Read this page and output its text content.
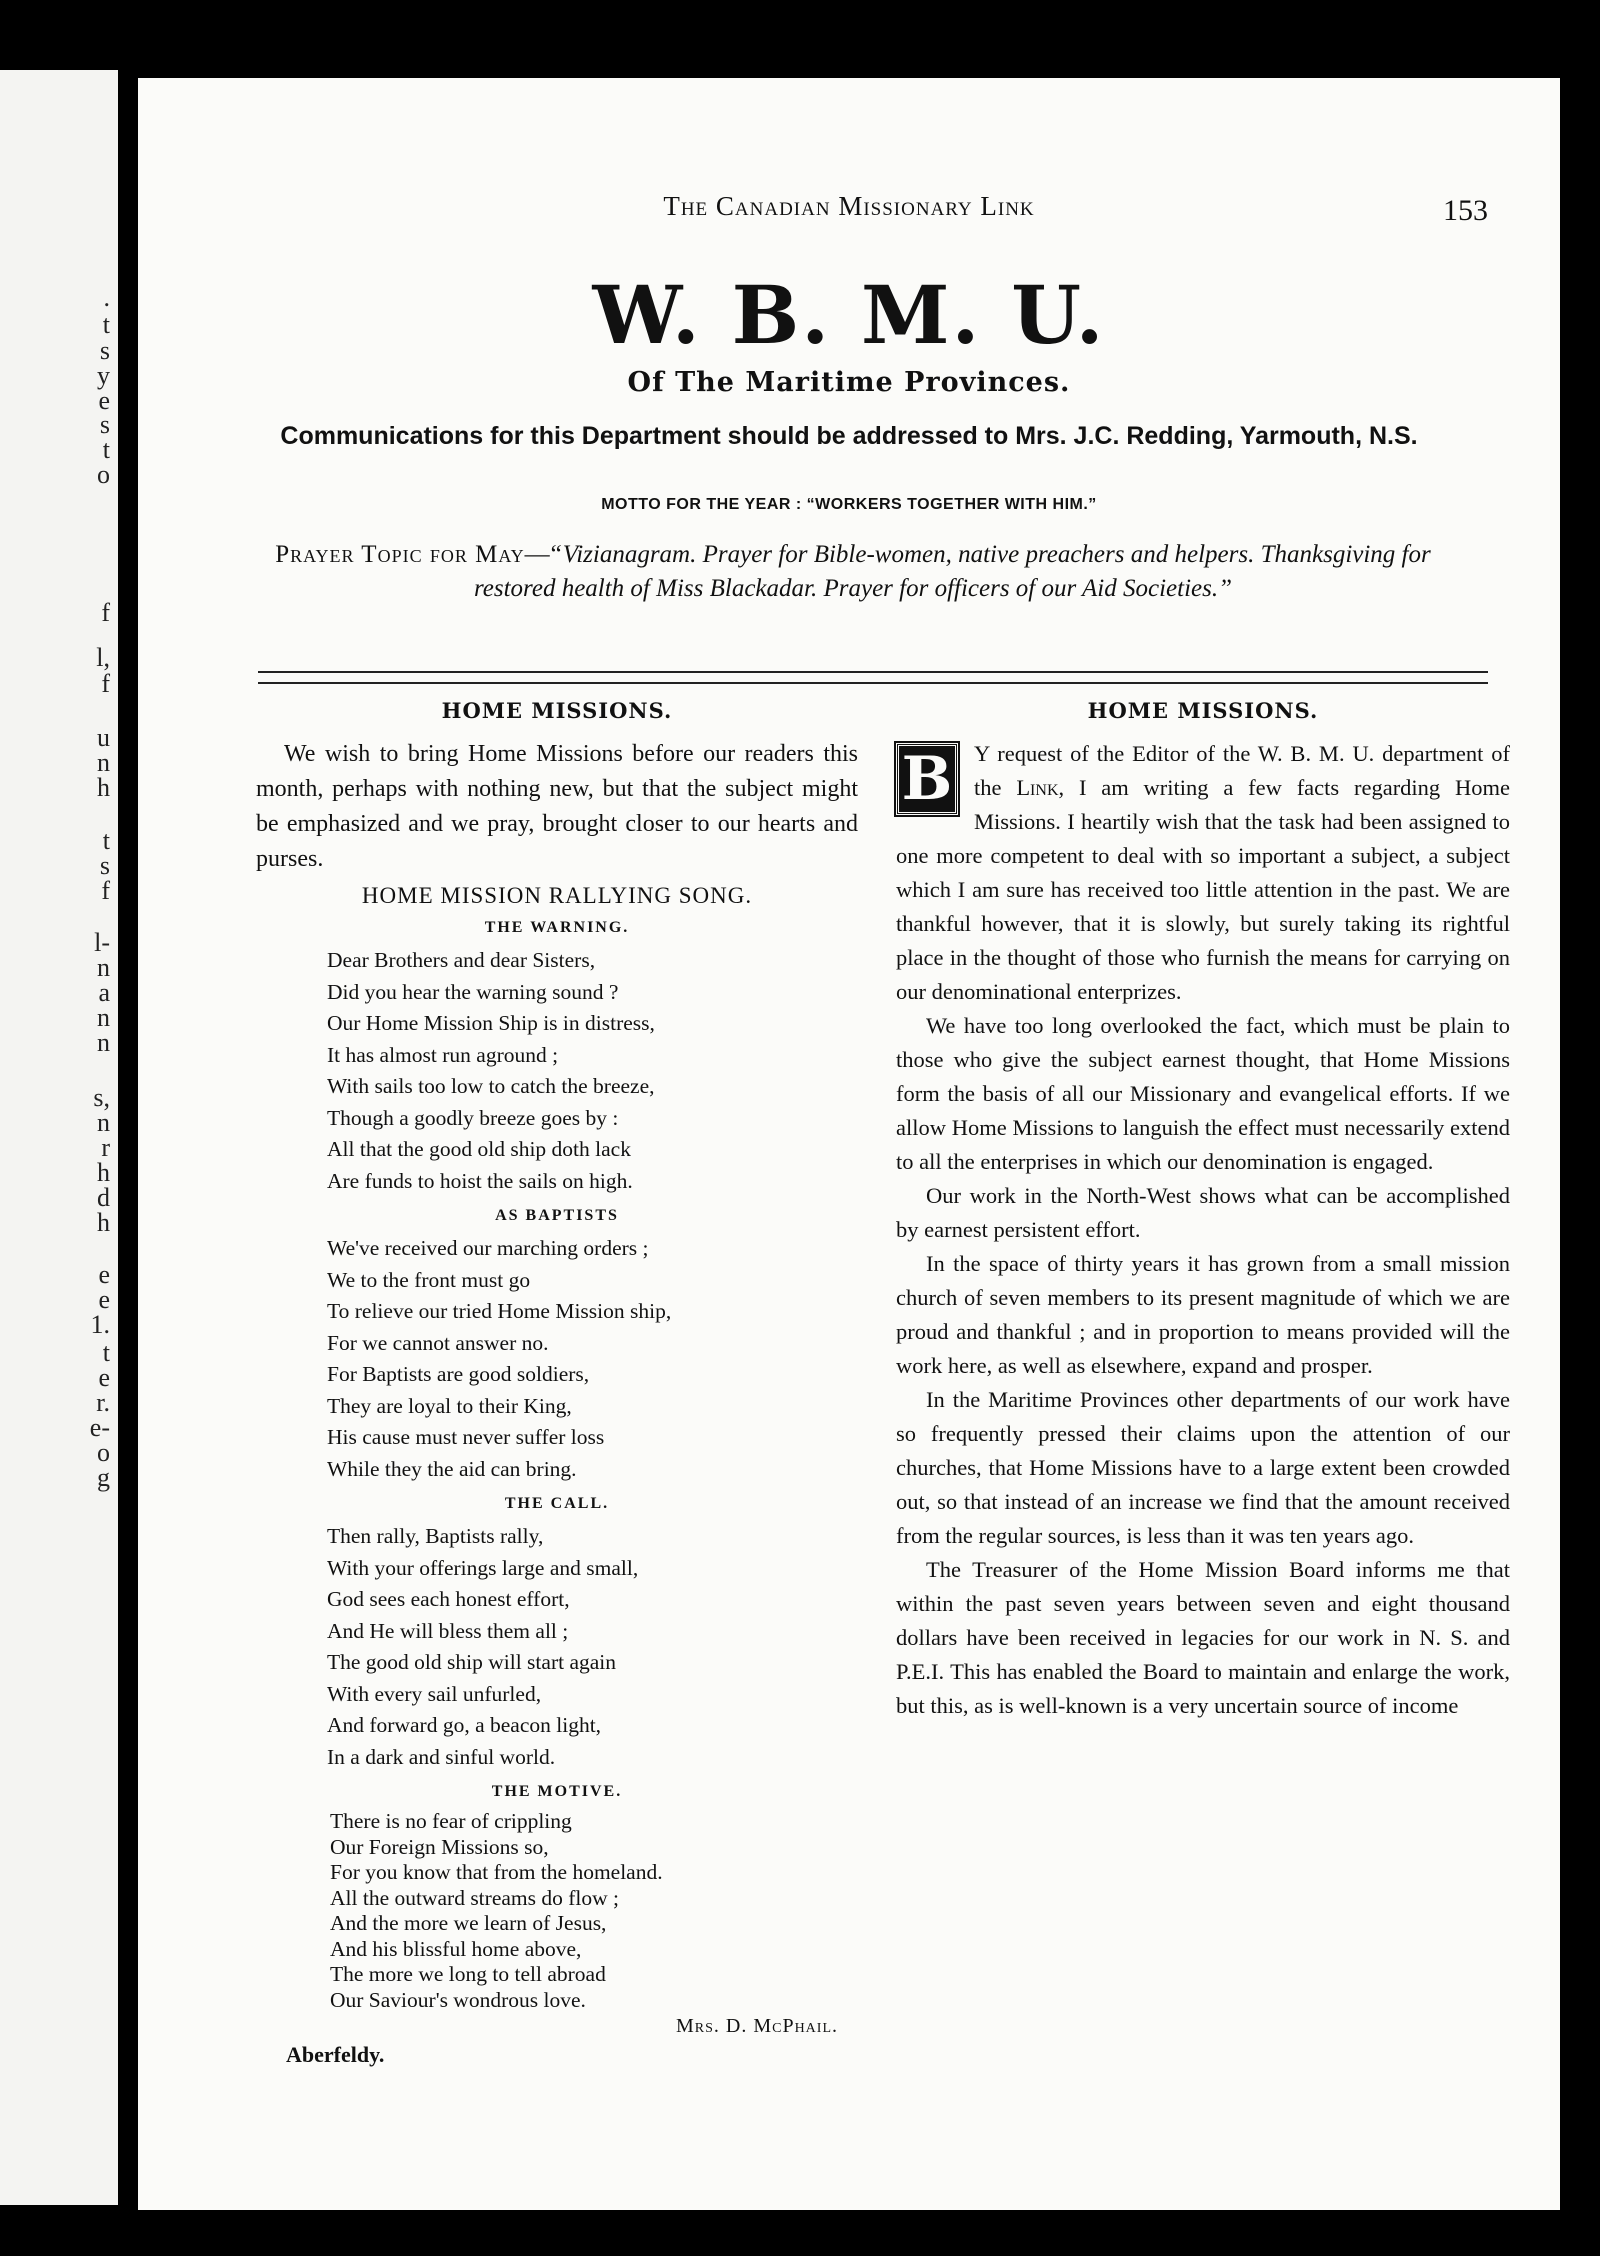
.
t
s
y
e
s
t
o
f
l,
f
u
n
h
t
s
f
l-
n
a
n
n
s,
n
r
h
d
h
e
e
1.
t
e
r.
e-
o
g
The Canadian Missionary Link	153
W. B. M. U.
Of The Maritime Provinces.
Communications for this Department should be addressed to Mrs. J.C. Redding, Yarmouth, N.S.
MOTTO FOR THE YEAR : “WORKERS TOGETHER WITH HIM.”
Prayer Topic for May—“Vizianagram. Prayer for Bible-women, native preachers and helpers. Thanksgiving for restored health of Miss Blackadar. Prayer for officers of our Aid Societies.”
HOME MISSIONS.

We wish to bring Home Missions before our readers this month, perhaps with nothing new, but that the subject might be emphasized and we pray, brought closer to our hearts and purses.

HOME MISSION RALLYING SONG.
THE WARNING.
Dear Brothers and dear Sisters,
Did you hear the warning sound ?
Our Home Mission Ship is in distress,
It has almost run aground ;
With sails too low to catch the breeze,
Though a goodly breeze goes by :
All that the good old ship doth lack
Are funds to hoist the sails on high.
AS BAPTISTS
We've received our marching orders ;
We to the front must go
To relieve our tried Home Mission ship,
For we cannot answer no.
For Baptists are good soldiers,
They are loyal to their King,
His cause must never suffer loss
While they the aid can bring.
THE CALL.
Then rally, Baptists rally,
With your offerings large and small,
God sees each honest effort,
And He will bless them all ;
The good old ship will start again
With every sail unfurled,
And forward go, a beacon light,
In a dark and sinful world.
THE MOTIVE.
There is no fear of crippling
Our Foreign Missions so,
For you know that from the homeland.
All the outward streams do flow ;
And the more we learn of Jesus,
And his blissful home above,
The more we long to tell abroad
Our Saviour's wondrous love.
Mrs. D. McPhail.
Aberfeldy.
HOME MISSIONS.

B Y request of the Editor of the W. B. M. U. department of the Link, I am writing a few facts regarding Home Missions. I heartily wish that the task had been assigned to one more competent to deal with so important a subject, a subject which I am sure has received too little attention in the past. We are thankful however, that it is slowly, but surely taking its rightful place in the thought of those who furnish the means for carrying on our denominational enterprizes.

We have too long overlooked the fact, which must be plain to those who give the subject earnest thought, that Home Missions form the basis of all our Missionary and evangelical efforts. If we allow Home Missions to languish the effect must necessarily extend to all the enterprises in which our denomination is engaged.

Our work in the North-West shows what can be accomplished by earnest persistent effort.

In the space of thirty years it has grown from a small mission church of seven members to its present magnitude of which we are proud and thankful ; and in proportion to means provided will the work here, as well as elsewhere, expand and prosper.

In the Maritime Provinces other departments of our work have so frequently pressed their claims upon the attention of our churches, that Home Missions have to a large extent been crowded out, so that instead of an increase we find that the amount received from the regular sources, is less than it was ten years ago.

The Treasurer of the Home Mission Board informs me that within the past seven years between seven and eight thousand dollars have been received in legacies for our work in N. S. and P.E.I. This has enabled the Board to maintain and enlarge the work, but this, as is well-known is a very uncertain source of income
